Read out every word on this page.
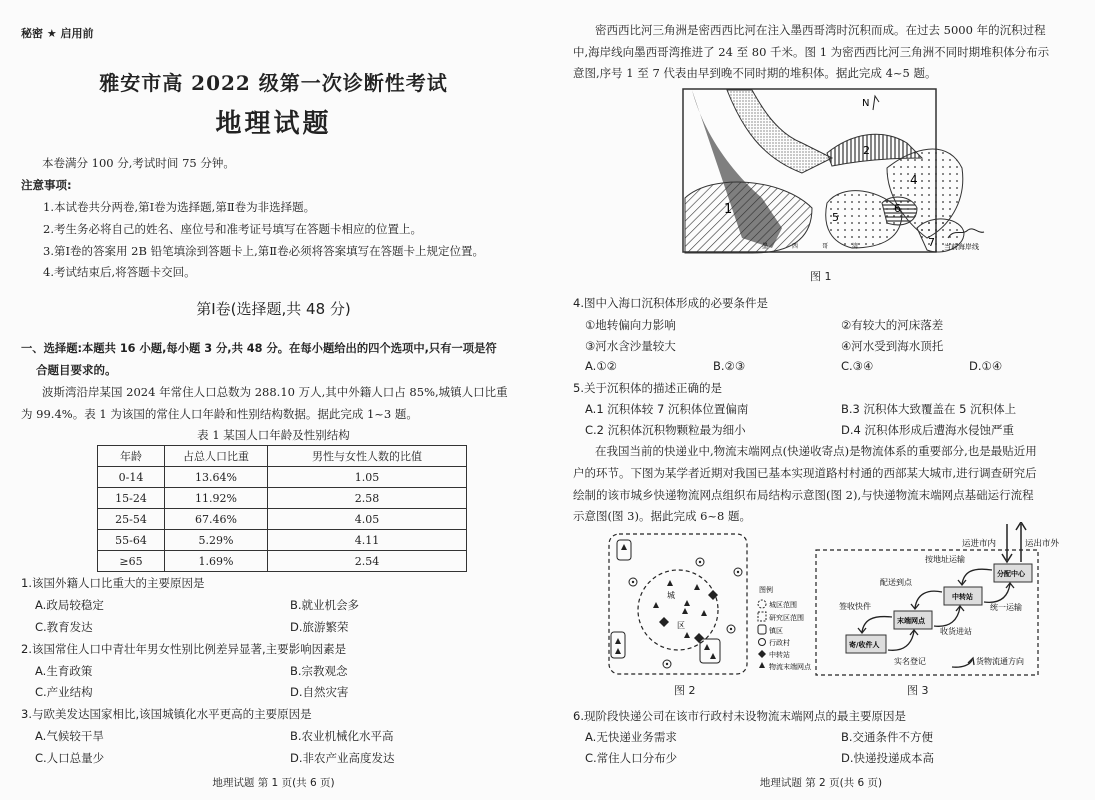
秘密 ★ 启用前
雅安市高 2022 级第一次诊断性考试
地理试题
本卷满分 100 分,考试时间 75 分钟。
注意事项:
1.本试卷共分两卷,第Ⅰ卷为选择题,第Ⅱ卷为非选择题。
2.考生务必将自己的姓名、座位号和准考证号填写在答题卡相应的位置上。
3.第Ⅰ卷的答案用 2B 铅笔填涂到答题卡上,第Ⅱ卷必须将答案填写在答题卡上规定位置。
4.考试结束后,将答题卡交回。
第Ⅰ卷(选择题,共 48 分)
一、选择题:本题共 16 小题,每小题 3 分,共 48 分。在每小题给出的四个选项中,只有一项是符
合题目要求的。
波斯湾沿岸某国 2024 年常住人口总数为 288.10 万人,其中外籍人口占 85%,城镇人口比重
为 99.4%。表 1 为该国的常住人口年龄和性别结构数据。据此完成 1~3 题。
表 1 某国人口年龄及性别结构
年龄	占总人口比重	男性与女性人数的比值
0-14	13.64%	1.05
15-24	11.92%	2.58
25-54	67.46%	4.05
55-64	5.29%	4.11
≥65	1.69%	2.54
1.该国外籍人口比重大的主要原因是
A.政局较稳定	B.就业机会多
C.教育发达	D.旅游繁荣
2.该国常住人口中青壮年男女性别比例差异显著,主要影响因素是
A.生育政策	B.宗教观念
C.产业结构	D.自然灾害
3.与欧美发达国家相比,该国城镇化水平更高的主要原因是
A.气候较干旱	B.农业机械化水平高
C.人口总量少	D.非农产业高度发达
地理试题 第 1 页(共 6 页)
密西西比河三角洲是密西西比河在注入墨西哥湾时沉积而成。在过去 5000 年的沉积过程
中,海岸线向墨西哥湾推进了 24 至 80 千米。图 1 为密西西比河三角洲不同时期堆积体分布示
意图,序号 1 至 7 代表由早到晚不同时期的堆积体。据此完成 4~5 题。
1
2
4
5
6
7
N
墨	西	哥	湾	当前海岸线
图 1
4.图中入海口沉积体形成的必要条件是
①地转偏向力影响	②有较大的河床落差
③河水含沙量较大	④河水受到海水顶托
A.①②	B.②③	C.③④	D.①④
5.关于沉积体的描述正确的是
A.1 沉积体较 7 沉积体位置偏南	B.3 沉积体大致覆盖在 5 沉积体上
C.2 沉积体沉积物颗粒最为细小	D.4 沉积体形成后遭海水侵蚀严重
在我国当前的快递业中,物流末端网点(快递收寄点)是物流体系的重要部分,也是最贴近用
户的环节。下图为某学者近期对我国已基本实现道路村村通的西部某大城市,进行调查研究后
绘制的该市城乡快递物流网点组织布局结构示意图(图 2),与快递物流末端网点基础运行流程
示意图(图 3)。据此完成 6~8 题。
城
区
图例
城区范围
研究区范围
镇区
行政村
中转站
物流末端网点
图 2
运进市内	运出市外
分配中心
中转站
末端网点
寄/收件人
按地址运输
配送到点
签收快件	统一运输
收货进站
实名登记	货物流通方向
图 3
6.现阶段快递公司在该市行政村未设物流末端网点的最主要原因是
A.无快递业务需求	B.交通条件不方便
C.常住人口分布少	D.快递投递成本高
地理试题 第 2 页(共 6 页)
